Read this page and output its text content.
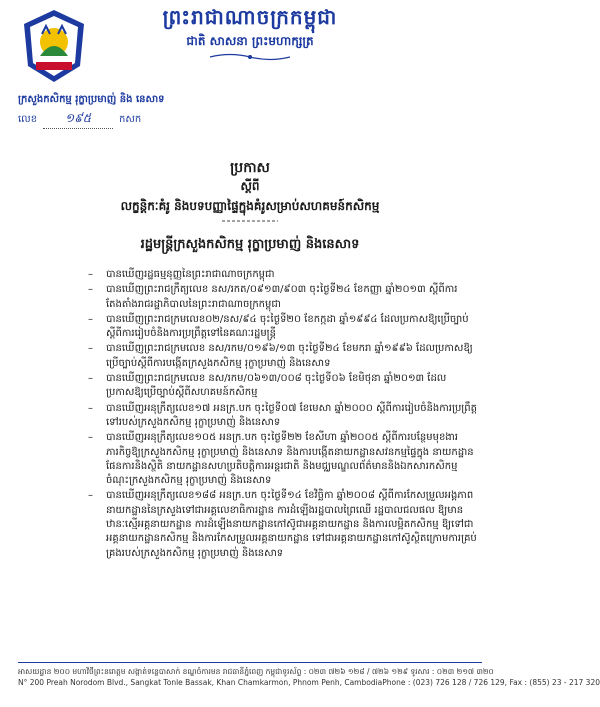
ព្រះរាជាណាចក្រកម្ពុជា
ជាតិ សាសនា ព្រះមហាក្សត្រ
ក្រសួងកសិកម្ម រុក្ខាប្រមាញ់ និង នេសាទ
លេខ	១៩៥	កសក
ប្រកាស
ស្តីពី
លក្ខន្តិកៈគំរូ និងបទបញ្ញាផ្ទៃក្នុងគំរូសម្រាប់សហគមន៍កសិកម្ម
រដ្ឋមន្ត្រីក្រសួងកសិកម្ម រុក្ខាប្រមាញ់ និងនេសាទ
– បានឃើញរដ្ឋធម្មនុញ្ញនៃព្រះរាជាណាចក្រកម្ពុជា
– បានឃើញព្រះរាជក្រឹត្យលេខ នស/រកត/០៩១៣/៩០៣ ចុះថ្ងៃទី២៤ ខែកញ្ញា ឆ្នាំ២០១៣ ស្តីពីការតែងតាំងរាជរដ្ឋាភិបាលនៃព្រះរាជាណាចក្រកម្ពុជា
– បានឃើញព្រះរាជក្រមលេខ០២/នស/៩៤ ចុះថ្ងៃទី២០ ខែកក្កដា ឆ្នាំ១៩៩៤ ដែលប្រកាសឱ្យប្រើច្បាប់ស្តីពីការរៀបចំនិងការប្រព្រឹត្តទៅនៃគណៈរដ្ឋមន្ត្រី
– បានឃើញព្រះរាជក្រមលេខ នស/រកម/០១៩៦/១៣ ចុះថ្ងៃទី២៤ ខែមករា ឆ្នាំ១៩៩៦ ដែលប្រកាសឱ្យប្រើច្បាប់ស្តីពីការបង្កើតក្រសួងកសិកម្ម រុក្ខាប្រមាញ់ និងនេសាទ
– បានឃើញព្រះរាជក្រមលេខ នស/រកម/០៦១៣/០០៨ ចុះថ្ងៃទី០៦ ខែមិថុនា ឆ្នាំ២០១៣ ដែលប្រកាសឱ្យប្រើច្បាប់ស្តីពីសហគមន៍កសិកម្ម
– បានឃើញអនុក្រឹត្យលេខ១៧ អនក្រ.បក ចុះថ្ងៃទី០៧ ខែមេសា ឆ្នាំ២០០០ ស្តីពីការរៀបចំនិងការប្រព្រឹត្តទៅរបស់ក្រសួងកសិកម្ម រុក្ខាប្រមាញ់ និងនេសាទ
– បានឃើញអនុក្រឹត្យលេខ១០៥ អនក្រ.បក ចុះថ្ងៃទី២២ ខែសីហា ឆ្នាំ២០០៥ ស្តីពីការបន្ថែមមុខងារ ភារកិច្ចឱ្យក្រសួងកសិកម្ម រុក្ខាប្រមាញ់ និងនេសាទ និងការបង្កើតនាយកដ្ឋានសវនកម្មផ្ទៃក្នុង នាយកដ្ឋានផែនការនិងស្ថិតិ នាយកដ្ឋានសហប្រតិបត្តិការអន្តរជាតិ និងមជ្ឈមណ្ឌលព័ត៌មាននិងឯកសារកសិកម្ម ចំណុះក្រសួងកសិកម្ម រុក្ខាប្រមាញ់ និងនេសាទ
– បានឃើញអនុក្រឹត្យលេខ១៨៨ អនក្រ.បក ចុះថ្ងៃទី១៤ ខែវិច្ឆិកា ឆ្នាំ២០០៨ ស្តីពីការកែសម្រួលអង្គភាពនាយកដ្ឋាននៃក្រសួងទៅជាអគ្គលេខាធិការដ្ឋាន ការដំឡើងរដ្ឋបាលព្រៃឈើ រដ្ឋបាលជលផល ឱ្យមានឋានៈស្មើអគ្គនាយកដ្ឋាន ការដំឡើងនាយកដ្ឋានកៅស៊ូជាអគ្គនាយកដ្ឋាន និងការលម្អិតកសិកម្ម ឱ្យទៅជាអគ្គនាយកដ្ឋានកសិកម្ម និងការកែសម្រួលអគ្គនាយកដ្ឋាន ទៅជាអគ្គនាយកដ្ឋានកៅស៊ូស្ថិតក្រោមការគ្រប់គ្រងរបស់ក្រសួងកសិកម្ម រុក្ខាប្រមាញ់ និងនេសាទ
អាសយដ្ឋាន ២០០ មហាវិថីព្រះនរោត្តម សង្កាត់ទន្លេបាសាក់ ខណ្ឌចំការមន រាជធានីភ្នំពេញ កម្ពុជា ទូរស័ព្ទ : ០២៣ ៧២៦ ១២៨ / ៧២៦ ១២៩ ទូរសារ : ០២៣ ២១៧ ៣២០
N° 200 Preah Norodom Blvd., Sangkat Tonle Bassak, Khan Chamkarmon, Phnom Penh, Cambodia Phone : (023) 726 128 / 726 129, Fax : (855) 23 - 217 320
